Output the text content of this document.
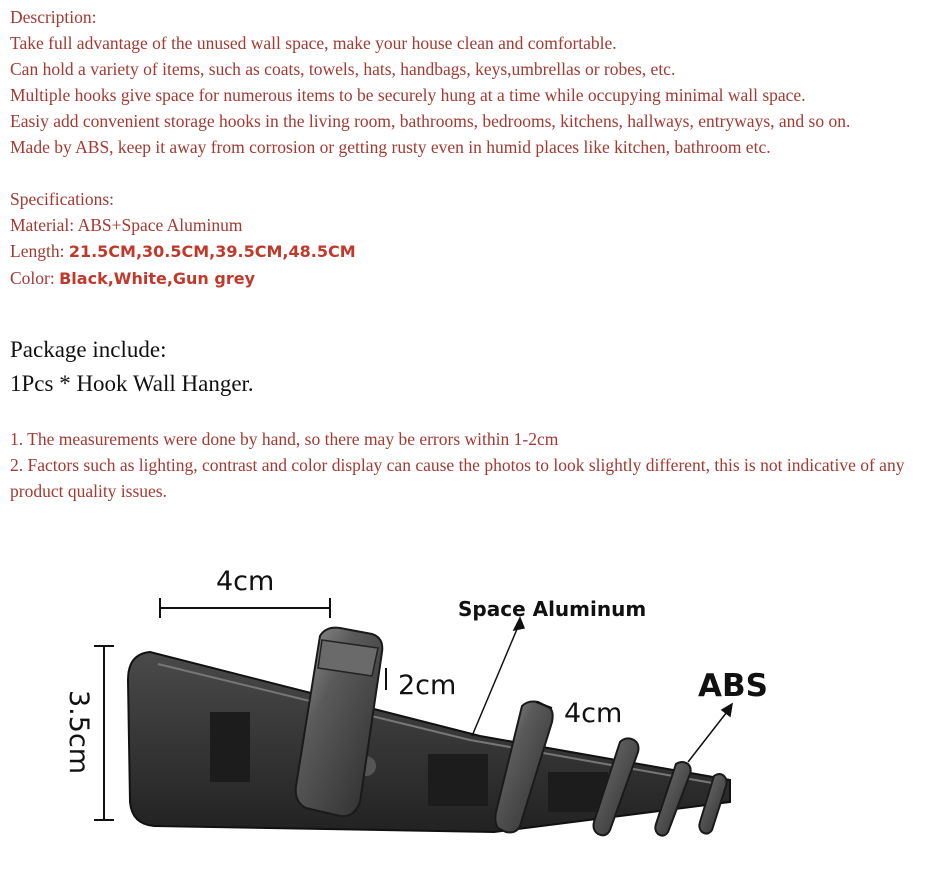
Description:

Take full advantage of the unused wall space, make your house clean and comfortable.

Can hold a variety of items, such as coats, towels, hats, handbags, keys,umbrellas or robes, etc.

Multiple hooks give space for numerous items to be securely hung at a time while occupying minimal wall space.

Easiy add convenient storage hooks in the living room, bathrooms, bedrooms, kitchens, hallways, entryways, and so on.

Made by ABS, keep it away from corrosion or getting rusty even in humid places like kitchen, bathroom etc.

Specifications:

Material: ABS+Space Aluminum

Length: 21.5CM,30.5CM,39.5CM,48.5CM

Color: Black,White,Gun grey

Package include:

1Pcs * Hook Wall Hanger.

1. The measurements were done by hand, so there may be errors within 1-2cm

2. Factors such as lighting, contrast and color display can cause the photos to look slightly different, this is not indicative of any product quality issues.

4cm
3.5cm
2cm
4cm
Space Aluminum
ABS
